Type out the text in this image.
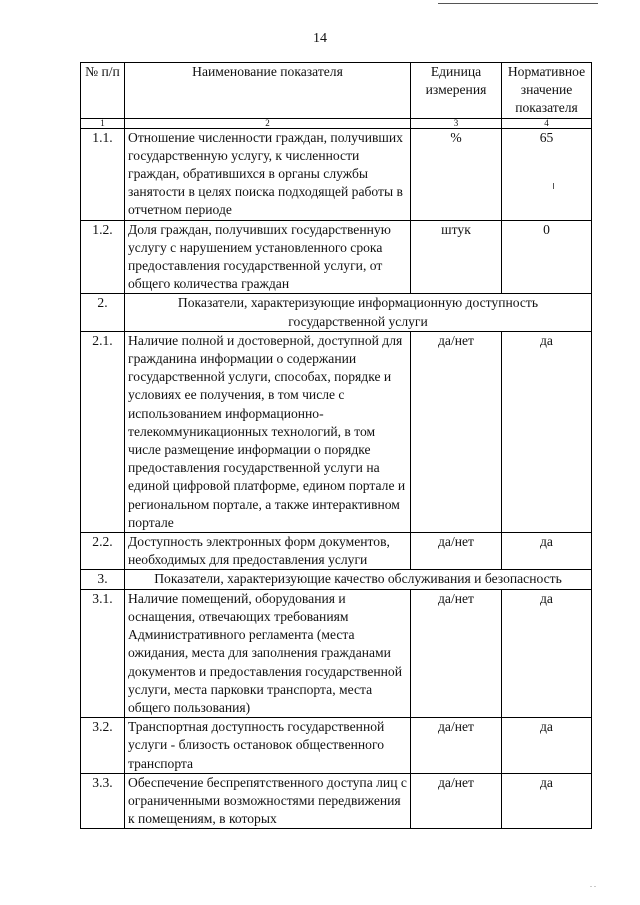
14
. .
№ п/п	Наименование показателя	Единица измерения	Нормативное значение показателя
1	2	3	4
1.1.	Отношение численности граждан, получивших государственную услугу, к численности граждан, обратившихся в органы службы занятости в целях поиска подходящей работы в отчетном периоде	%	65
1.2.	Доля граждан, получивших государственную услугу с нарушением установленного срока предоставления государственной услуги, от общего количества граждан	штук	0
2.	Показатели, характеризующие информационную доступность государственной услуги		
2.1.	Наличие полной и достоверной, доступной для гражданина информации о содержании государственной услуги, способах, порядке и условиях ее получения, в том числе с использованием информационно-телекоммуникационных технологий, в том числе размещение информации о порядке предоставления государственной услуги на единой цифровой платформе, едином портале и региональном портале, а также интерактивном портале	да/нет	да
2.2.	Доступность электронных форм документов, необходимых для предоставления услуги	да/нет	да
3.	Показатели, характеризующие качество обслуживания и безопасность		
3.1.	Наличие помещений, оборудования и оснащения, отвечающих требованиям Административного регламента (места ожидания, места для заполнения гражданами документов и предоставления государственной услуги, места парковки транспорта, места общего пользования)	да/нет	да
3.2.	Транспортная доступность государственной услуги - близость остановок общественного транспорта	да/нет	да
3.3.	Обеспечение беспрепятственного доступа лиц с ограниченными возможностями передвижения к помещениям, в которых	да/нет	да
